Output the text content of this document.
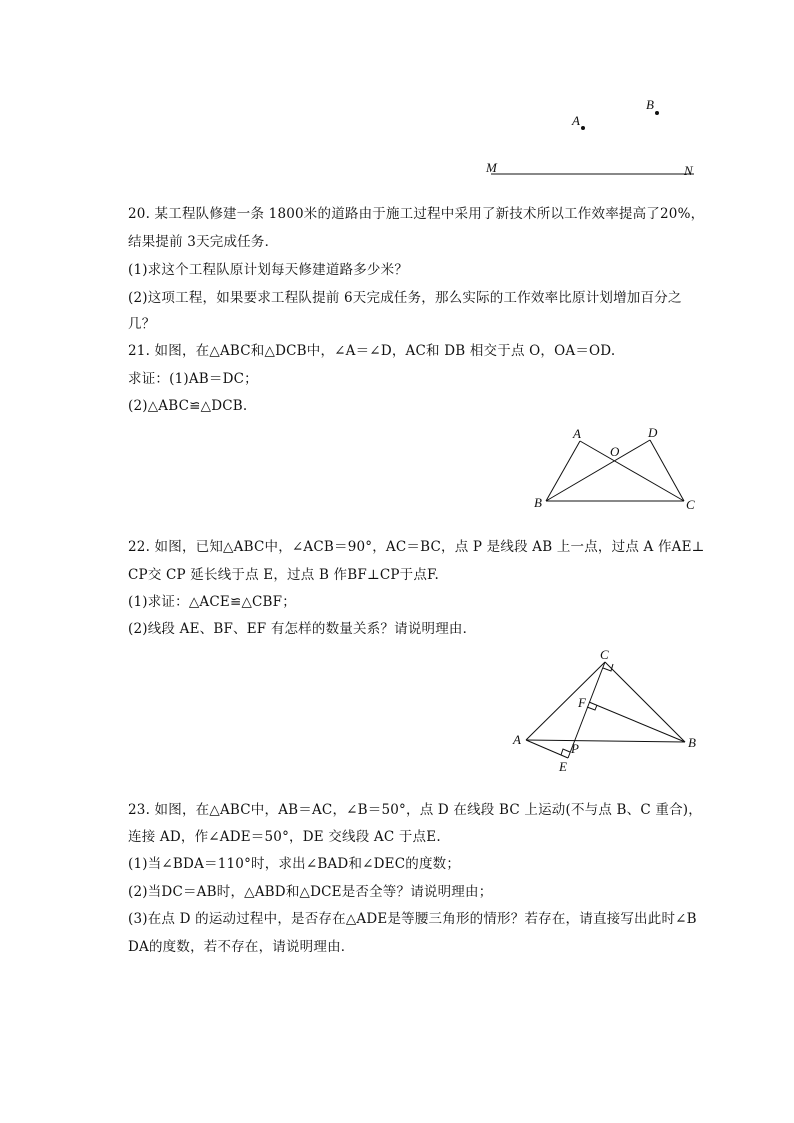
A
B
M	N
20. 某工程队修建一条 1800米的道路由于施工过程中采用了新技术所以工作效率提高了20%，
结果提前 3天完成任务．
(1)求这个工程队原计划每天修建道路多少米？
(2)这项工程，如果要求工程队提前 6天完成任务，那么实际的工作效率比原计划增加百分之
几？
21. 如图，在△ABC和△DCB中，∠A＝∠D，AC和 DB 相交于点 O，OA＝OD.
求证：(1)AB＝DC；
(2)△ABC≌△DCB.
A	D
O
B	C
22. 如图，已知△ABC中，∠ACB＝90°，AC＝BC，点 P 是线段 AB 上一点，过点 A 作AE⊥
CP交 CP 延长线于点 E，过点 B 作BF⊥CP于点F.
(1)求证：△ACE≌△CBF；
(2)线段 AE、BF、EF 有怎样的数量关系？请说明理由．
C
F
A
P	B
E
23. 如图，在△ABC中，AB＝AC，∠B＝50°，点 D 在线段 BC 上运动(不与点 B、C 重合)，
连接 AD，作∠ADE＝50°，DE 交线段 AC 于点E.
(1)当∠BDA＝110°时，求出∠BAD和∠DEC的度数；
(2)当DC＝AB时，△ABD和△DCE是否全等？请说明理由；
(3)在点 D 的运动过程中，是否存在△ADE是等腰三角形的情形？若存在，请直接写出此时∠B
DA的度数，若不存在，请说明理由．
